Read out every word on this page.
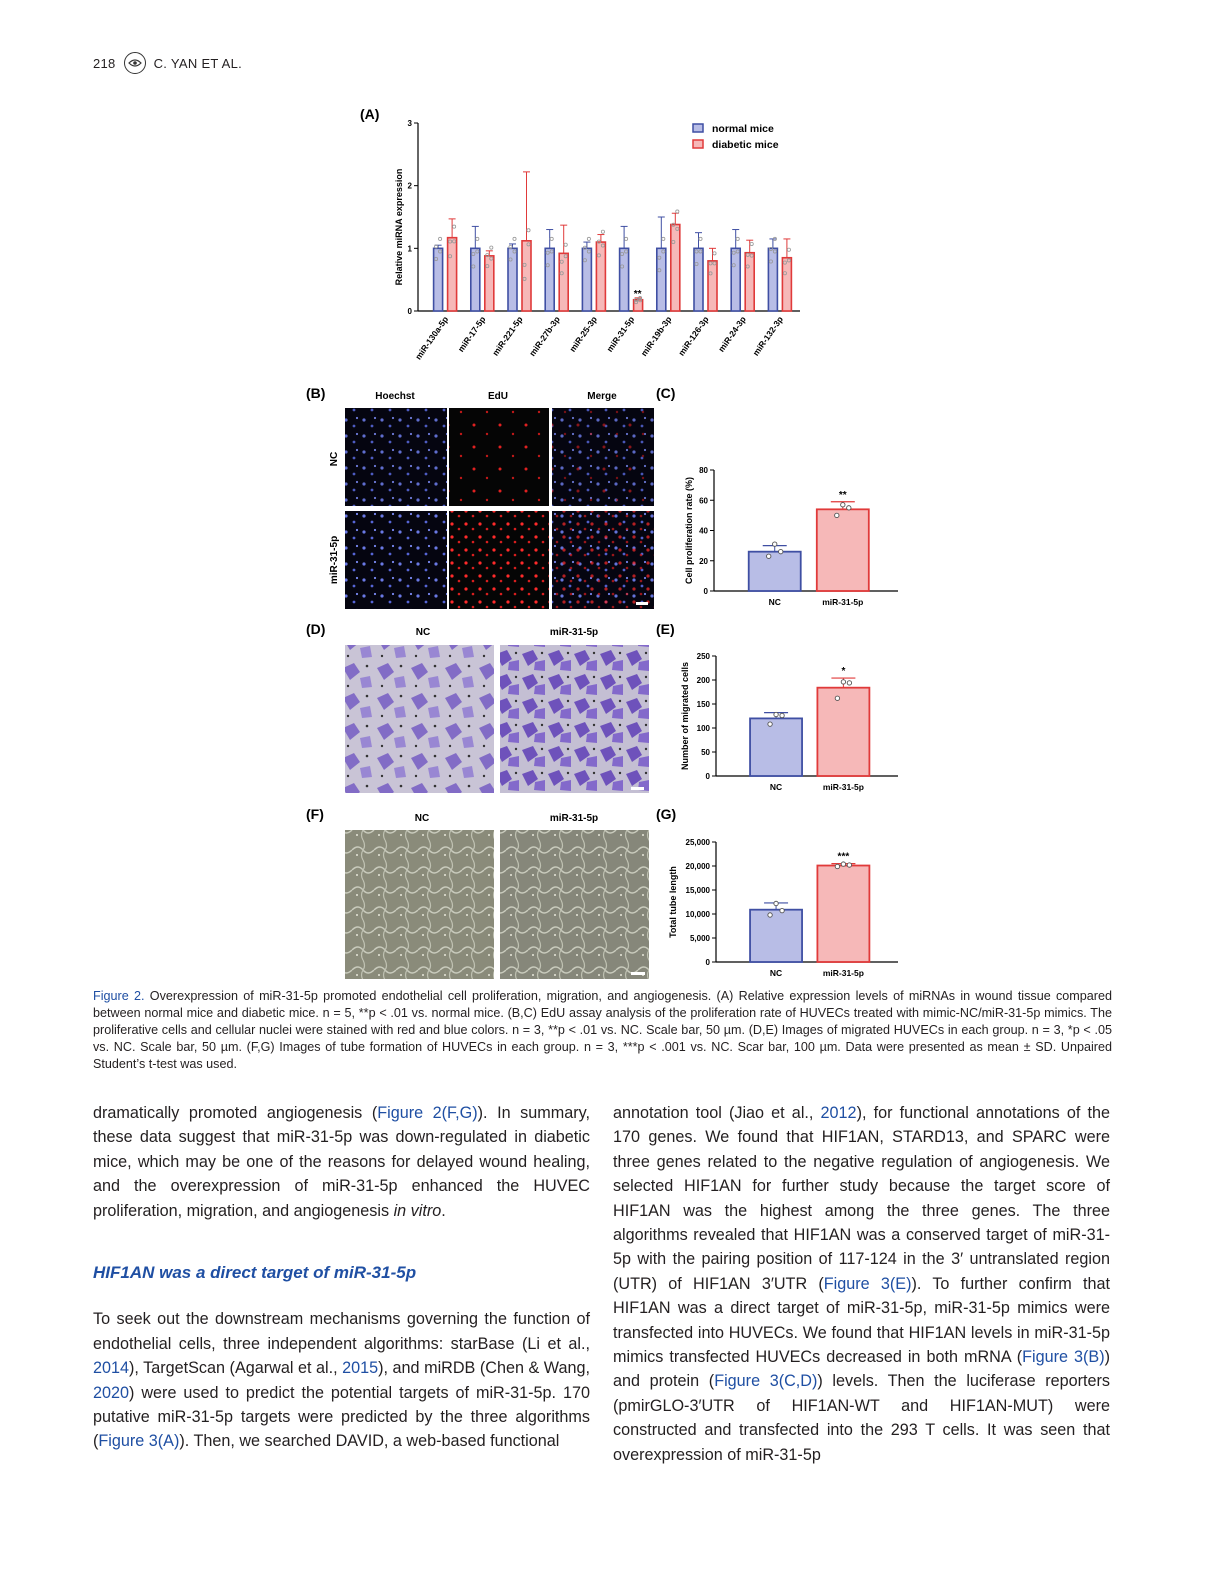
218	C. YAN ET AL.
(A)
(B)	(C)
(D)	(E)
(F)	(G)
0
1
2
3
Relative miRNA expression
miR-130a-5p miR-17-5p miR-221-5p miR-27b-3p miR-25-3p miR-31-5p miR-19b-3p miR-126-3p miR-24-3p miR-132-3p
**
normal mice
diabetic mice
Hoechst	EdU	Merge
NC
miR-31-5p
NC	miR-31-5p
NC	miR-31-5p
0
20
40
60
80
Cell proliferation rate (%)
NC	miR-31-5p
**
0
50
100
150
200
250
Number of migrated cells
NC	miR-31-5p
*
0
5,000
10,000
15,000
20,000
25,000
Total tube length
NC	miR-31-5p
***
Figure 2. Overexpression of miR-31-5p promoted endothelial cell proliferation, migration, and angiogenesis. (A) Relative expression levels of miRNAs in wound tissue compared between normal mice and diabetic mice. n = 5, **p < .01 vs. normal mice. (B,C) EdU assay analysis of the proliferation rate of HUVECs treated with mimic-NC/miR-31-5p mimics. The proliferative cells and cellular nuclei were stained with red and blue colors. n = 3, **p < .01 vs. NC. Scale bar, 50 µm. (D,E) Images of migrated HUVECs in each group. n = 3, *p < .05 vs. NC. Scale bar, 50 µm. (F,G) Images of tube formation of HUVECs in each group. n = 3, ***p < .001 vs. NC. Scar bar, 100 µm. Data were presented as mean ± SD. Unpaired Student’s t-test was used.

dramatically promoted angiogenesis (Figure 2(F,G)). In summary, these data suggest that miR-31-5p was down-regulated in diabetic mice, which may be one of the reasons for delayed wound healing, and the overexpression of miR-31-5p enhanced the HUVEC proliferation, migration, and angiogenesis in vitro.

HIF1AN was a direct target of miR-31-5p

To seek out the downstream mechanisms governing the function of endothelial cells, three independent algorithms: starBase (Li et al., 2014), TargetScan (Agarwal et al., 2015), and miRDB (Chen & Wang, 2020) were used to predict the potential targets of miR-31-5p. 170 putative miR-31-5p targets were predicted by the three algorithms (Figure 3(A)). Then, we searched DAVID, a web-based functional

annotation tool (Jiao et al., 2012), for functional annotations of the 170 genes. We found that HIF1AN, STARD13, and SPARC were three genes related to the negative regulation of angiogenesis. We selected HIF1AN for further study because the target score of HIF1AN was the highest among the three genes. The three algorithms revealed that HIF1AN was a conserved target of miR-31-5p with the pairing position of 117-124 in the 3′ untranslated region (UTR) of HIF1AN 3′UTR (Figure 3(E)). To further confirm that HIF1AN was a direct target of miR-31-5p, miR-31-5p mimics were transfected into HUVECs. We found that HIF1AN levels in miR-31-5p mimics transfected HUVECs decreased in both mRNA (Figure 3(B)) and protein (Figure 3(C,D)) levels. Then the luciferase reporters (pmirGLO-3′UTR of HIF1AN-WT and HIF1AN-MUT) were constructed and transfected into the 293 T cells. It was seen that overexpression of miR-31-5p
